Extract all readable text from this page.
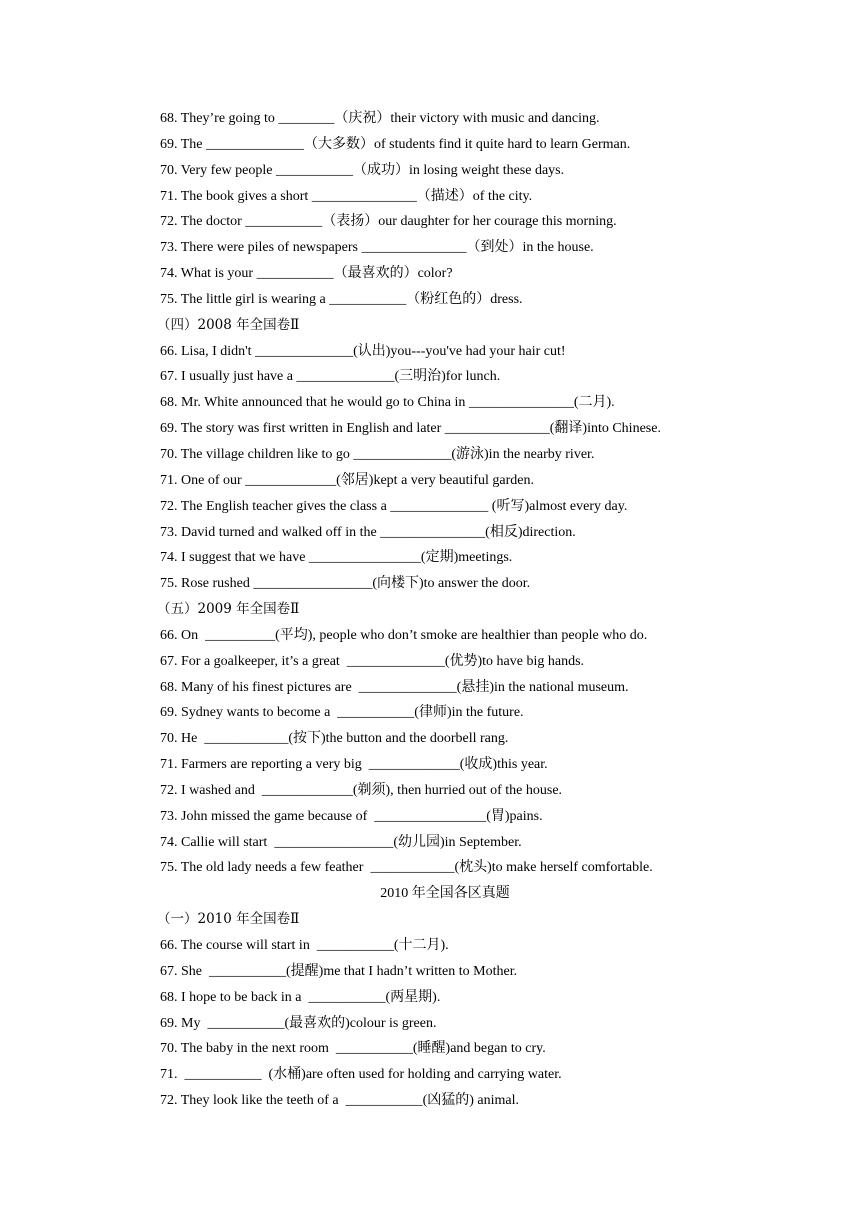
68. They’re going to ________（庆祝）their victory with music and dancing.
69. The ______________（大多数）of students find it quite hard to learn German.
70. Very few people ___________（成功）in losing weight these days.
71. The book gives a short _______________（描述）of the city.
72. The doctor ___________（表扬）our daughter for her courage this morning.
73. There were piles of newspapers _______________（到处）in the house.
74. What is your ___________（最喜欢的）color?
75. The little girl is wearing a ___________（粉红色的）dress.
（四）2008 年全国卷Ⅱ
66. Lisa, I didn't ______________(认出)you---you've had your hair cut!
67. I usually just have a ______________(三明治)for lunch.
68. Mr. White announced that he would go to China in _______________(二月).
69. The story was first written in English and later _______________(翻译)into Chinese.
70. The village children like to go ______________(游泳)in the nearby river.
71. One of our _____________(邻居)kept a very beautiful garden.
72. The English teacher gives the class a ______________ (听写)almost every day.
73. David turned and walked off in the _______________(相反)direction.
74. I suggest that we have ________________(定期)meetings.
75. Rose rushed _________________(向楼下)to answer the door.
（五）2009 年全国卷Ⅱ
66. On  __________(平均), people who don’t smoke are healthier than people who do.
67. For a goalkeeper, it’s a great  ______________(优势)to have big hands.
68. Many of his finest pictures are  ______________(悬挂)in the national museum.
69. Sydney wants to become a  ___________(律师)in the future.
70. He  ____________(按下)the button and the doorbell rang.
71. Farmers are reporting a very big  _____________(收成)this year.
72. I washed and  _____________(剃须), then hurried out of the house.
73. John missed the game because of  ________________(胃)pains.
74. Callie will start  _________________(幼儿园)in September.
75. The old lady needs a few feather  ____________(枕头)to make herself comfortable.
2010 年全国各区真题
（一）2010 年全国卷Ⅱ
66. The course will start in  ___________(十二月).
67. She  ___________(提醒)me that I hadn’t written to Mother.
68. I hope to be back in a  ___________(两星期).
69. My  ___________(最喜欢的)colour is green.
70. The baby in the next room  ___________(睡醒)and began to cry.
71.  ___________  (水桶)are often used for holding and carrying water.
72. They look like the teeth of a  ___________(凶猛的) animal.
